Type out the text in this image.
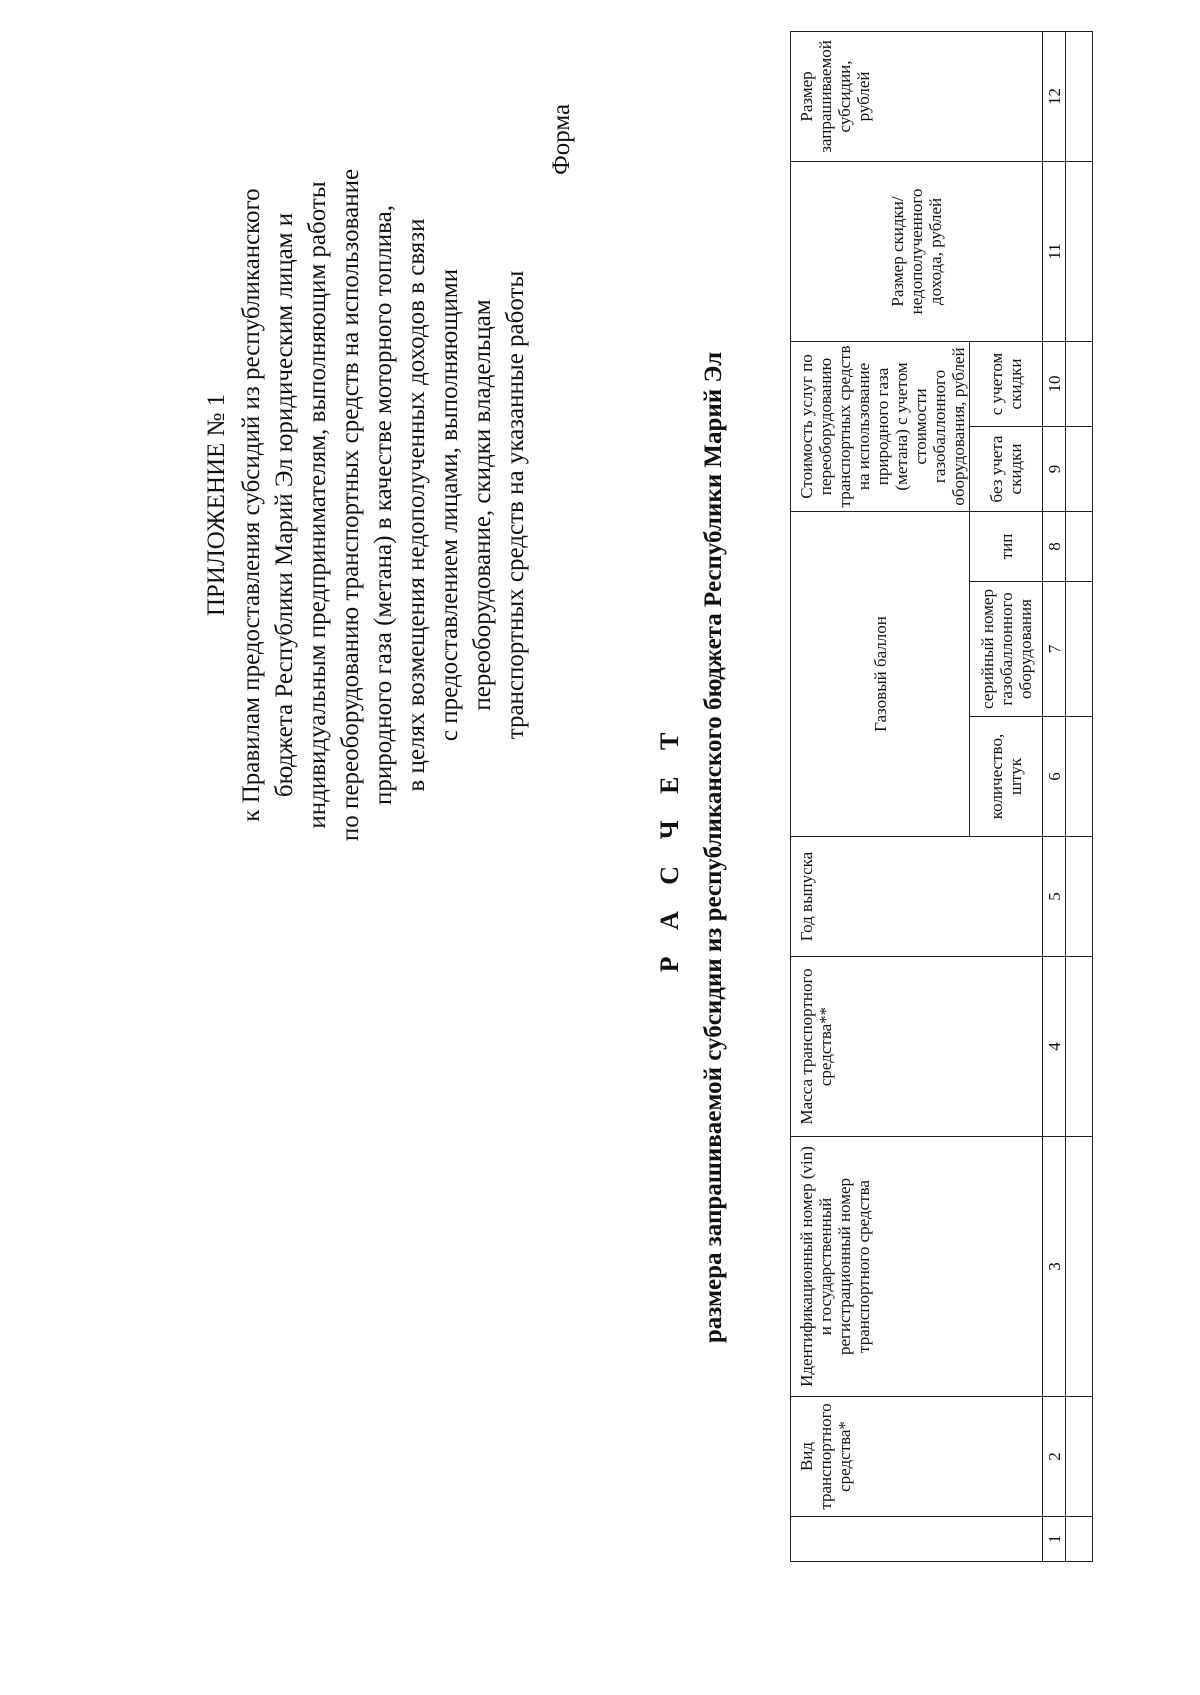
ПРИЛОЖЕНИЕ № 1 к Правилам предоставления субсидий из республиканского бюджета Республики Марий Эл юридическим лицам и индивидуальным предпринимателям, выполняющим работы по переоборудованию транспортных средств на использование природного газа (метана) в качестве моторного топлива, в целях возмещения недополученных доходов в связи с предоставлением лицами, выполняющими переоборудование, скидки владельцам транспортных средств на указанные работы
Форма
Р А С Ч Е Т размера запрашиваемой субсидии из республиканского бюджета Республики Марий Эл
	Вид транспортного средства*	Идентификационный номер (vin) и государственный регистрационный номер транспортного средства	Масса транспортного средства**	Год выпуска	Газовый баллон			Стоимость услуг по переоборудованию транспортных средств на использование природного газа (метана) с учетом стоимости газобаллонного оборудования, рублей		Размер скидки/ недополученного дохода, рублей	Размер запрашиваемой субсидии, рублей
					количество, штук	серийный номер газобаллонного оборудования	тип	без учета скидки	с учетом скидки		
1	2	3	4	5	6	7	8	9	10	11	12
